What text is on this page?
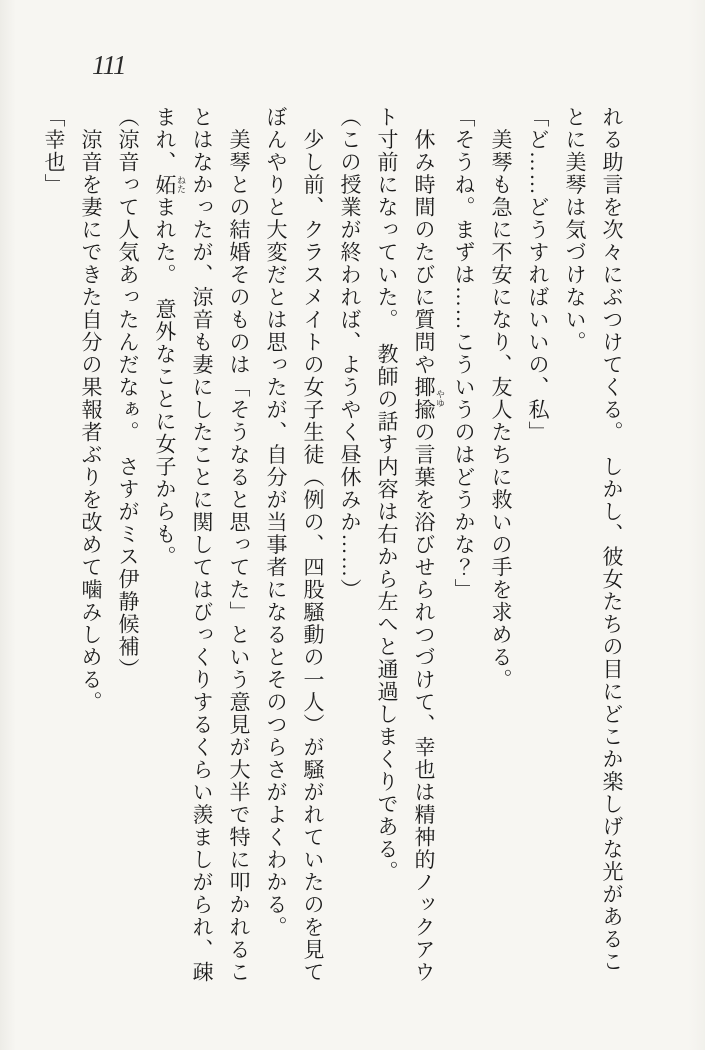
111

れる助言を次々にぶつけてくる。　しかし、彼女たちの目にどこか楽しげな光があることに美琴は気づけない。

「ど……どうすればいいの、私」

　美琴も急に不安になり、友人たちに救いの手を求める。

「そうね。まずは……こういうのはどうかな？」

　休み時間のたびに質問や揶揄 やゆの言葉を浴びせられつづけて、幸也は精神的ノックアウト寸前になっていた。　教師の話す内容は右から左へと通過しまくりである。

（この授業が終われば、ようやく昼休みか……）

　少し前、クラスメイトの女子生徒（例の、四股騒動の一人）が騒がれていたのを見てぼんやりと大変だとは思ったが、自分が当事者になるとそのつらさがよくわかる。

　美琴との結婚そのものは「そうなると思ってた」という意見が大半で特に叩かれることはなかったが、涼音も妻にしたことに関してはびっくりするくらい羨ましがられ、疎まれ、妬 ねたまれた。　意外なことに女子からも。

（涼音って人気あったんだなぁ。　さすがミス伊静候補）

　涼音を妻にできた自分の果報者ぶりを改めて噛みしめる。

「幸也」
